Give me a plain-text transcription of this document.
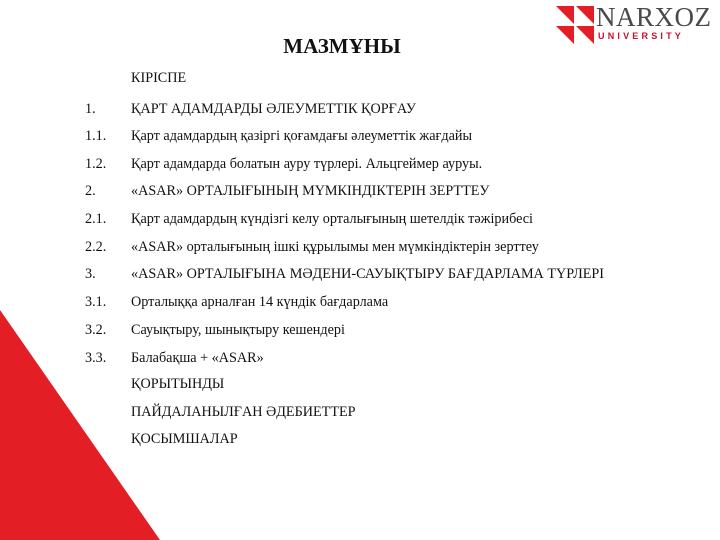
NARXOZ
UNIVERSITY
МАЗМҰНЫ
КІРІСПЕ
1. ҚАРТ АДАМДАРДЫ ӘЛЕУМЕТТІК ҚОРҒАУ
1.1. Қарт адамдардың қазіргі қоғамдағы әлеуметтік жағдайы
1.2. Қарт адамдарда болатын ауру түрлері. Альцгеймер ауруы.
2. «ASAR» ОРТАЛЫҒЫНЫҢ МҮМКІНДІКТЕРІН ЗЕРТТЕУ
2.1. Қарт адамдардың күндізгі келу орталығының шетелдік тәжірибесі
2.2. «ASAR» орталығының ішкі құрылымы мен мүмкіндіктерін зерттеу
3. «ASAR» ОРТАЛЫҒЫНА МӘДЕНИ-САУЫҚТЫРУ БАҒДАРЛАМА ТҮРЛЕРІ
3.1. Орталыққа арналған 14 күндік бағдарлама
3.2. Сауықтыру, шынықтыру кешендері
3.3. Балабақша + «ASAR»
ҚОРЫТЫНДЫ
ПАЙДАЛАНЫЛҒАН ӘДЕБИЕТТЕР
ҚОСЫМШАЛАР
